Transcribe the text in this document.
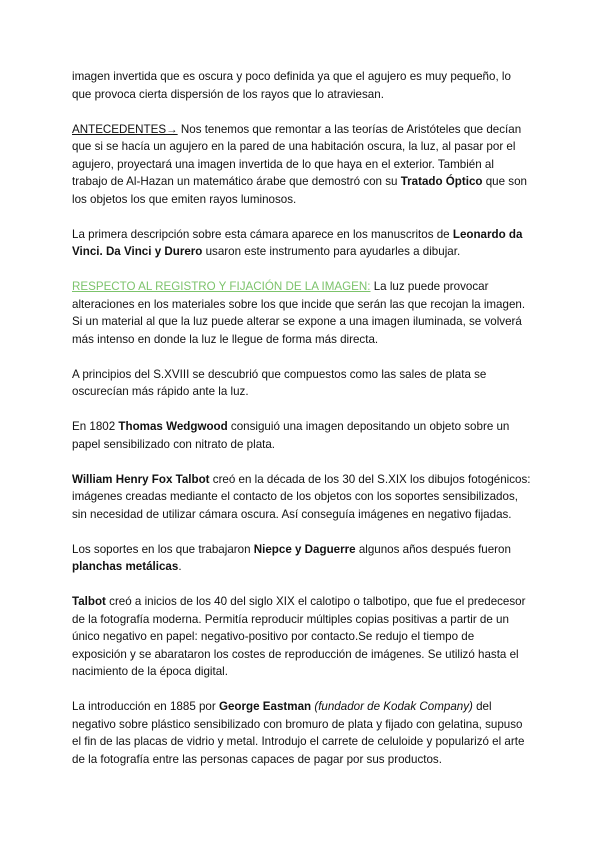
imagen invertida que es oscura y poco definida ya que el agujero es muy pequeño, lo que provoca cierta dispersión de los rayos que lo atraviesan.

ANTECEDENTES→ Nos tenemos que remontar a las teorías de Aristóteles que decían que si se hacía un agujero en la pared de una habitación oscura, la luz, al pasar por el agujero, proyectará una imagen invertida de lo que haya en el exterior. También al trabajo de Al-Hazan un matemático árabe que demostró con su Tratado Óptico que son los objetos los que emiten rayos luminosos.

La primera descripción sobre esta cámara aparece en los manuscritos de Leonardo da Vinci. Da Vinci y Durero usaron este instrumento para ayudarles a dibujar.

RESPECTO AL REGISTRO Y FIJACIÓN DE LA IMAGEN: La luz puede provocar alteraciones en los materiales sobre los que incide que serán las que recojan la imagen. Si un material al que la luz puede alterar se expone a una imagen iluminada, se volverá más intenso en donde la luz le llegue de forma más directa.

A principios del S.XVIII se descubrió que compuestos como las sales de plata se oscurecían más rápido ante la luz.

En 1802 Thomas Wedgwood consiguió una imagen depositando un objeto sobre un papel sensibilizado con nitrato de plata.

William Henry Fox Talbot creó en la década de los 30 del S.XIX los dibujos fotogénicos: imágenes creadas mediante el contacto de los objetos con los soportes sensibilizados, sin necesidad de utilizar cámara oscura. Así conseguía imágenes en negativo fijadas.

Los soportes en los que trabajaron Niepce y Daguerre algunos años después fueron planchas metálicas.

Talbot creó a inicios de los 40 del siglo XIX el calotipo o talbotipo, que fue el predecesor de la fotografía moderna. Permitía reproducir múltiples copias positivas a partir de un único negativo en papel: negativo-positivo por contacto.Se redujo el tiempo de exposición y se abarataron los costes de reproducción de imágenes. Se utilizó hasta el nacimiento de la época digital.

La introducción en 1885 por George Eastman (fundador de Kodak Company) del negativo sobre plástico sensibilizado con bromuro de plata y fijado con gelatina, supuso el fin de las placas de vidrio y metal. Introdujo el carrete de celuloide y popularizó el arte de la fotografía entre las personas capaces de pagar por sus productos.
